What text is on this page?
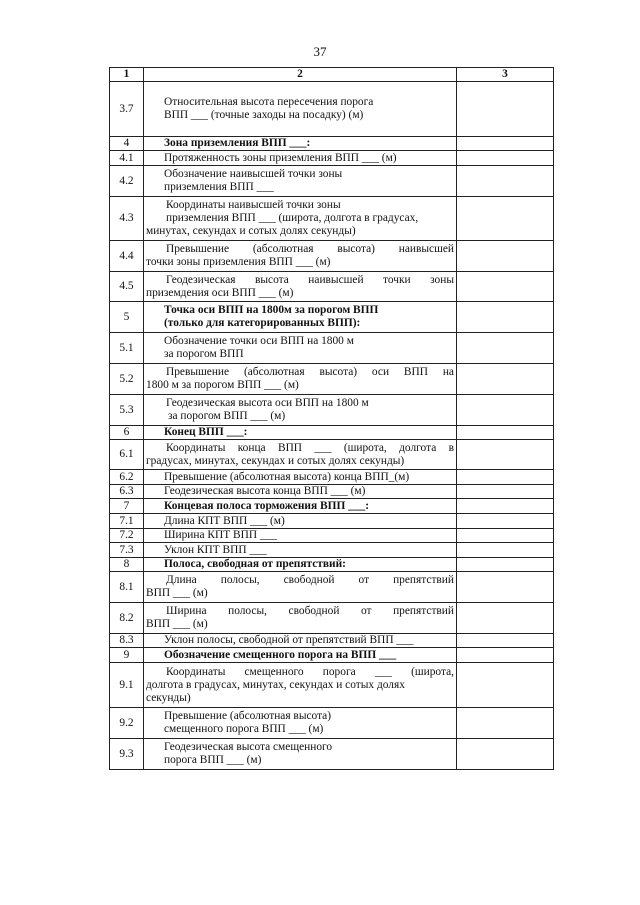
37
1	2	3
3.7	Относительная высота пересечения порога
ВПП ___ (точные заходы на посадку) (м)	

4	Зона приземления ВПП ___:	
4.1	Протяженность зоны приземления ВПП ___ (м)	
4.2	Обозначение наивысшей точки зоны
приземления ВПП ___	

4.3	Координаты наивысшей точки зоны
приземления ВПП ___ (широта, долгота в градусах,
минутах, секундах и сотых долях секунды)	

4.4	Превышение (абсолютная высота) наивысшей
точки зоны приземления ВПП ___ (м)	

4.5	Геодезическая высота наивысшей точки зоны
приземдения оси ВПП ___ (м)	

5	Точка оси ВПП на 1800м за порогом ВПП
(только для категорированных ВПП):	

5.1	Обозначение точки оси ВПП на 1800 м
за порогом ВПП	

5.2	Превышение (абсолютная высота) оси ВПП на
1800 м за порогом ВПП ___ (м)	

5.3	Геодезическая высота оси ВПП на 1800 м
за порогом ВПП ___ (м)	

6	Конец ВПП ___:	
6.1	Координаты конца ВПП ___ (широта, долгота в
градусах, минутах, секундах и сотых долях секунды)	

6.2	Превышение (абсолютная высота) конца ВПП_(м)	
6.3	Геодезическая высота конца ВПП ___ (м)	
7	Концевая полоса торможения ВПП ___:	
7.1	Длина КПТ ВПП ___ (м)	
7.2	Ширина КПТ ВПП ___	
7.3	Уклон КПТ ВПП ___	
8	Полоса, свободная от препятствий:	
8.1	Длина полосы, свободной от препятствий
ВПП ___ (м)	

8.2	Ширина полосы, свободной от препятствий
ВПП ___ (м)	

8.3	Уклон полосы, свободной от препятствий ВПП ___	
9	Обозначение смещенного порога на ВПП ___	
9.1	Координаты смещенного порога ___ (широта,
долгота в градусах, минутах, секундах и сотых долях
секунды)	

9.2	Превышение (абсолютная высота)
смещенного порога ВПП ___ (м)	

9.3	Геодезическая высота смещенного
порога ВПП ___ (м)	
